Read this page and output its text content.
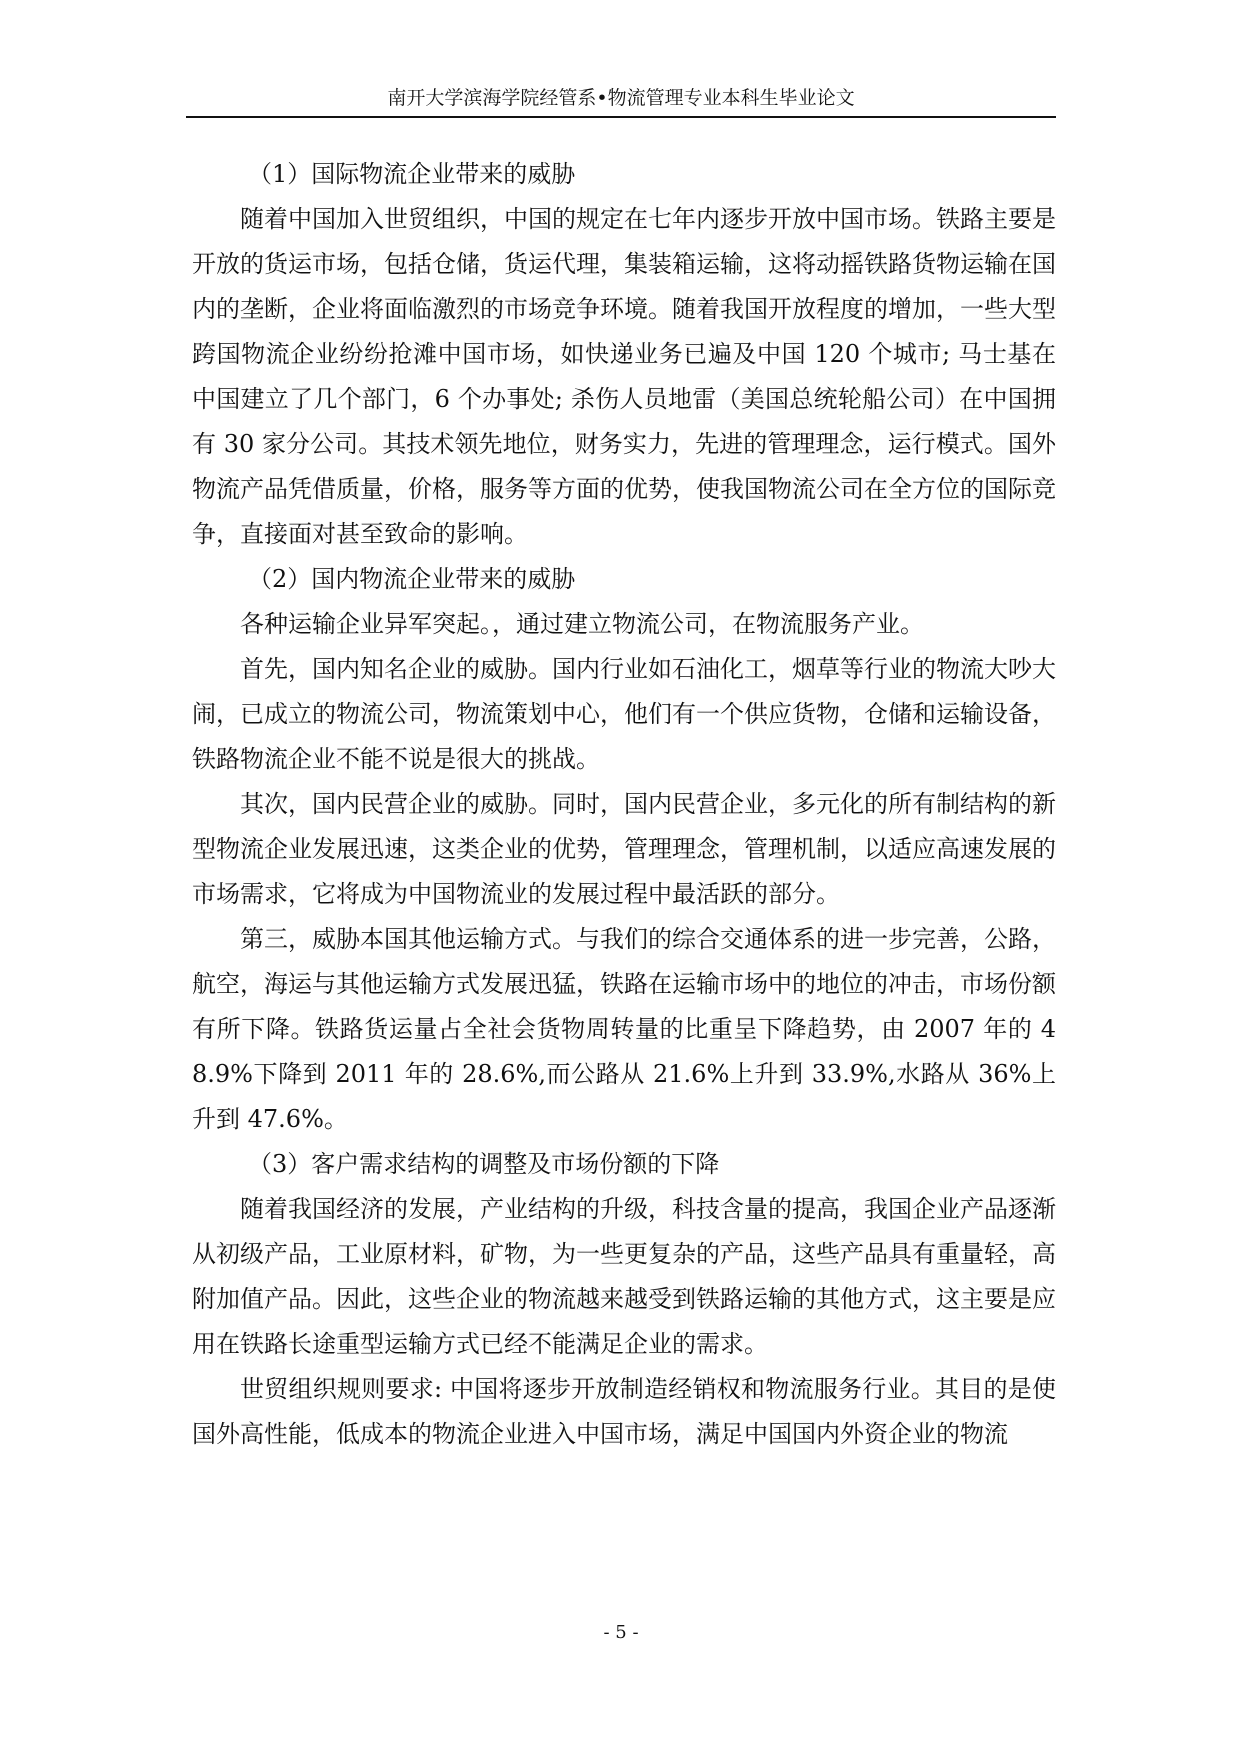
南开大学滨海学院经管系•物流管理专业本科生毕业论文

（1）国际物流企业带来的威胁

随着中国加入世贸组织，中国的规定在七年内逐步开放中国市场。铁路主要是开放的货运市场，包括仓储，货运代理，集装箱运输，这将动摇铁路货物运输在国内的垄断，企业将面临激烈的市场竞争环境。随着我国开放程度的增加，一些大型跨国物流企业纷纷抢滩中国市场，如快递业务已遍及中国 120 个城市; 马士基在中国建立了几个部门，6 个办事处; 杀伤人员地雷（美国总统轮船公司）在中国拥有 30 家分公司。其技术领先地位，财务实力，先进的管理理念，运行模式。国外物流产品凭借质量，价格，服务等方面的优势，使我国物流公司在全方位的国际竞争，直接面对甚至致命的影响。

（2）国内物流企业带来的威胁

各种运输企业异军突起。，通过建立物流公司，在物流服务产业。

首先，国内知名企业的威胁。国内行业如石油化工，烟草等行业的物流大吵大闹，已成立的物流公司，物流策划中心，他们有一个供应货物，仓储和运输设备，铁路物流企业不能不说是很大的挑战。

其次，国内民营企业的威胁。同时，国内民营企业，多元化的所有制结构的新型物流企业发展迅速，这类企业的优势，管理理念，管理机制，以适应高速发展的市场需求，它将成为中国物流业的发展过程中最活跃的部分。

第三，威胁本国其他运输方式。与我们的综合交通体系的进一步完善，公路，航空，海运与其他运输方式发展迅猛，铁路在运输市场中的地位的冲击，市场份额有所下降。铁路货运量占全社会货物周转量的比重呈下降趋势，由 2007 年的 48.9%下降到 2011 年的 28.6%,而公路从 21.6%上升到 33.9%,水路从 36%上升到 47.6%。

（3）客户需求结构的调整及市场份额的下降

随着我国经济的发展，产业结构的升级，科技含量的提高，我国企业产品逐渐从初级产品，工业原材料，矿物，为一些更复杂的产品，这些产品具有重量轻，高附加值产品。因此，这些企业的物流越来越受到铁路运输的其他方式，这主要是应用在铁路长途重型运输方式已经不能满足企业的需求。

世贸组织规则要求: 中国将逐步开放制造经销权和物流服务行业。其目的是使国外高性能，低成本的物流企业进入中国市场，满足中国国内外资企业的物流

- 5 -
